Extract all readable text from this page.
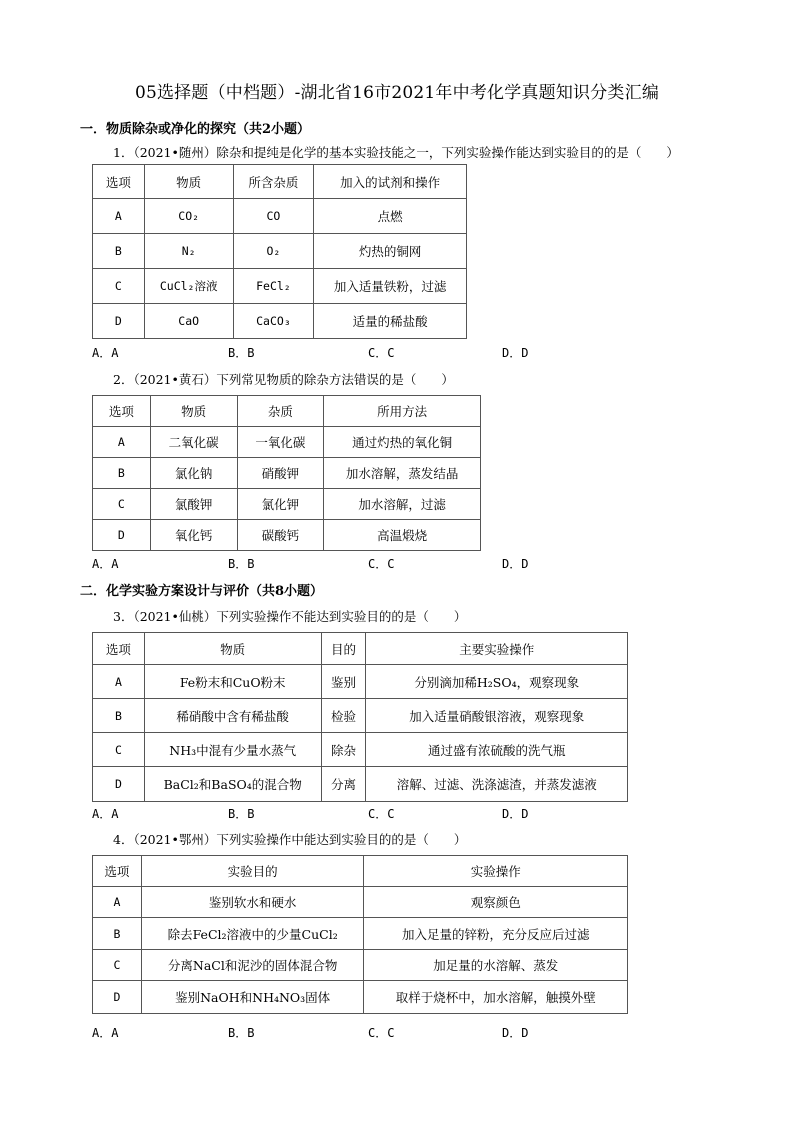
05选择题（中档题）-湖北省16市2021年中考化学真题知识分类汇编
一．物质除杂或净化的探究（共2小题）
1．（2021•随州）除杂和提纯是化学的基本实验技能之一，下列实验操作能达到实验目的的是（　　）
选项	物质	所含杂质	加入的试剂和操作
A	CO₂	CO	点燃
B	N₂	O₂	灼热的铜网
C	CuCl₂溶液	FeCl₂	加入适量铁粉，过滤
D	CaO	CaCO₃	适量的稀盐酸
A．A	B．B	C．C	D．D
2．（2021•黄石）下列常见物质的除杂方法错误的是（　　）
选项	物质	杂质	所用方法
A	二氧化碳	一氧化碳	通过灼热的氧化铜
B	氯化钠	硝酸钾	加水溶解，蒸发结晶
C	氯酸钾	氯化钾	加水溶解，过滤
D	氧化钙	碳酸钙	高温煅烧
A．A	B．B	C．C	D．D
二．化学实验方案设计与评价（共8小题）
3．（2021•仙桃）下列实验操作不能达到实验目的的是（　　）
选项	物质	目的	主要实验操作
A	Fe粉末和CuO粉末	鉴别	分别滴加稀H₂SO₄，观察现象
B	稀硝酸中含有稀盐酸	检验	加入适量硝酸银溶液，观察现象
C	NH₃中混有少量水蒸气	除杂	通过盛有浓硫酸的洗气瓶
D	BaCl₂和BaSO₄的混合物	分离	溶解、过滤、洗涤滤渣，并蒸发滤液
A．A	B．B	C．C	D．D
4．（2021•鄂州）下列实验操作中能达到实验目的的是（　　）
选项	实验目的	实验操作
A	鉴别软水和硬水	观察颜色
B	除去FeCl₂溶液中的少量CuCl₂	加入足量的锌粉，充分反应后过滤
C	分离NaCl和泥沙的固体混合物	加足量的水溶解、蒸发
D	鉴别NaOH和NH₄NO₃固体	取样于烧杯中，加水溶解，触摸外壁
A．A	B．B	C．C	D．D
